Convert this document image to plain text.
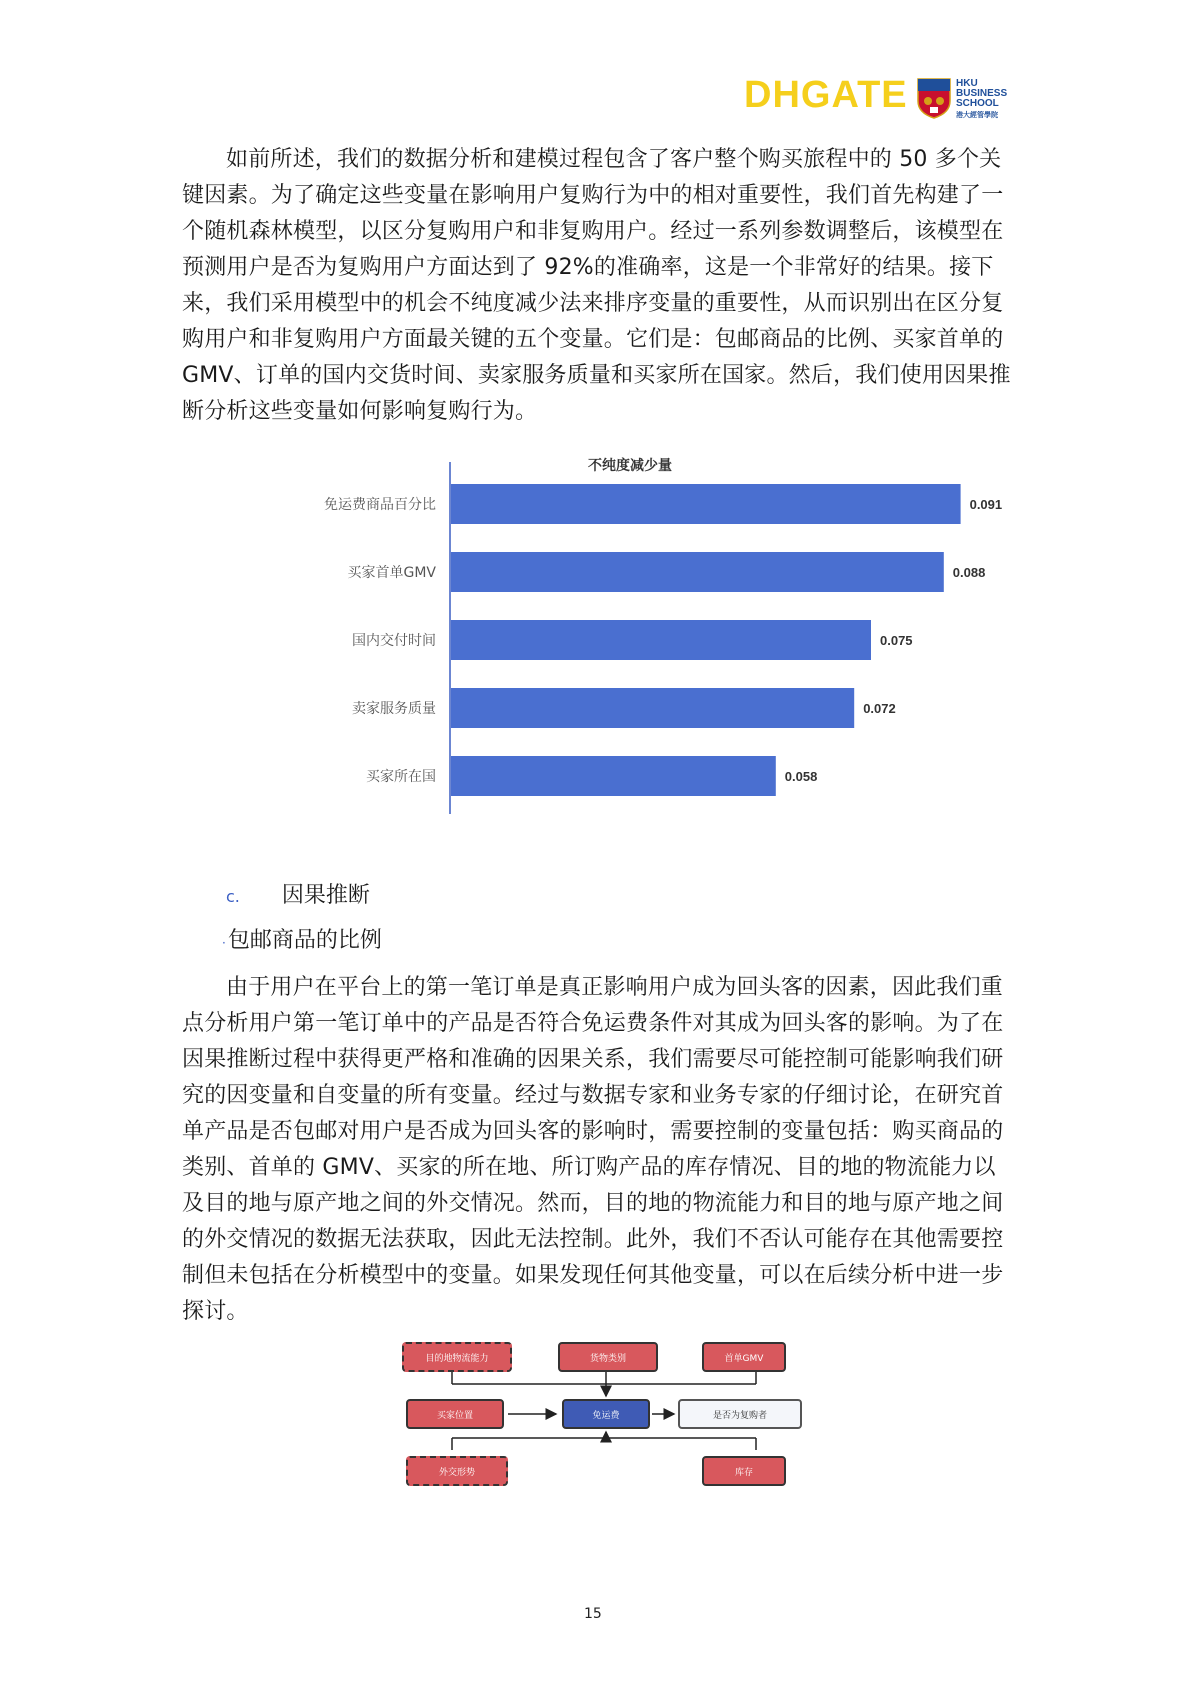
DHGATE	HKU
BUSINESS
SCHOOL
港大經管學院

如前所述，我们的数据分析和建模过程包含了客户整个购买旅程中的 50 多个关键因素。为了确定这些变量在影响用户复购行为中的相对重要性，我们首先构建了一个随机森林模型，以区分复购用户和非复购用户。经过一系列参数调整后，该模型在预测用户是否为复购用户方面达到了 92%的准确率，这是一个非常好的结果。接下来，我们采用模型中的机会不纯度减少法来排序变量的重要性，从而识别出在区分复购用户和非复购用户方面最关键的五个变量。它们是：包邮商品的比例、买家首单的GMV、订单的国内交货时间、卖家服务质量和买家所在国家。然后，我们使用因果推断分析这些变量如何影响复购行为。

不纯度减少量
免运费商品百分比	0.091
买家首单GMV	0.088
国内交付时间	0.075
卖家服务质量	0.072
买家所在国	0.058
c. 因果推断
·包邮商品的比例

由于用户在平台上的第一笔订单是真正影响用户成为回头客的因素，因此我们重点分析用户第一笔订单中的产品是否符合免运费条件对其成为回头客的影响。为了在因果推断过程中获得更严格和准确的因果关系，我们需要尽可能控制可能影响我们研究的因变量和自变量的所有变量。经过与数据专家和业务专家的仔细讨论，在研究首单产品是否包邮对用户是否成为回头客的影响时，需要控制的变量包括：购买商品的类别、首单的 GMV、买家的所在地、所订购产品的库存情况、目的地的物流能力以及目的地与原产地之间的外交情况。然而，目的地的物流能力和目的地与原产地之间的外交情况的数据无法获取，因此无法控制。此外，我们不否认可能存在其他需要控制但未包括在分析模型中的变量。如果发现任何其他变量，可以在后续分析中进一步探讨。

目的地物流能力	货物类别	首单GMV
买家位置	免运费	是否为复购者
外交形势	库存
15
